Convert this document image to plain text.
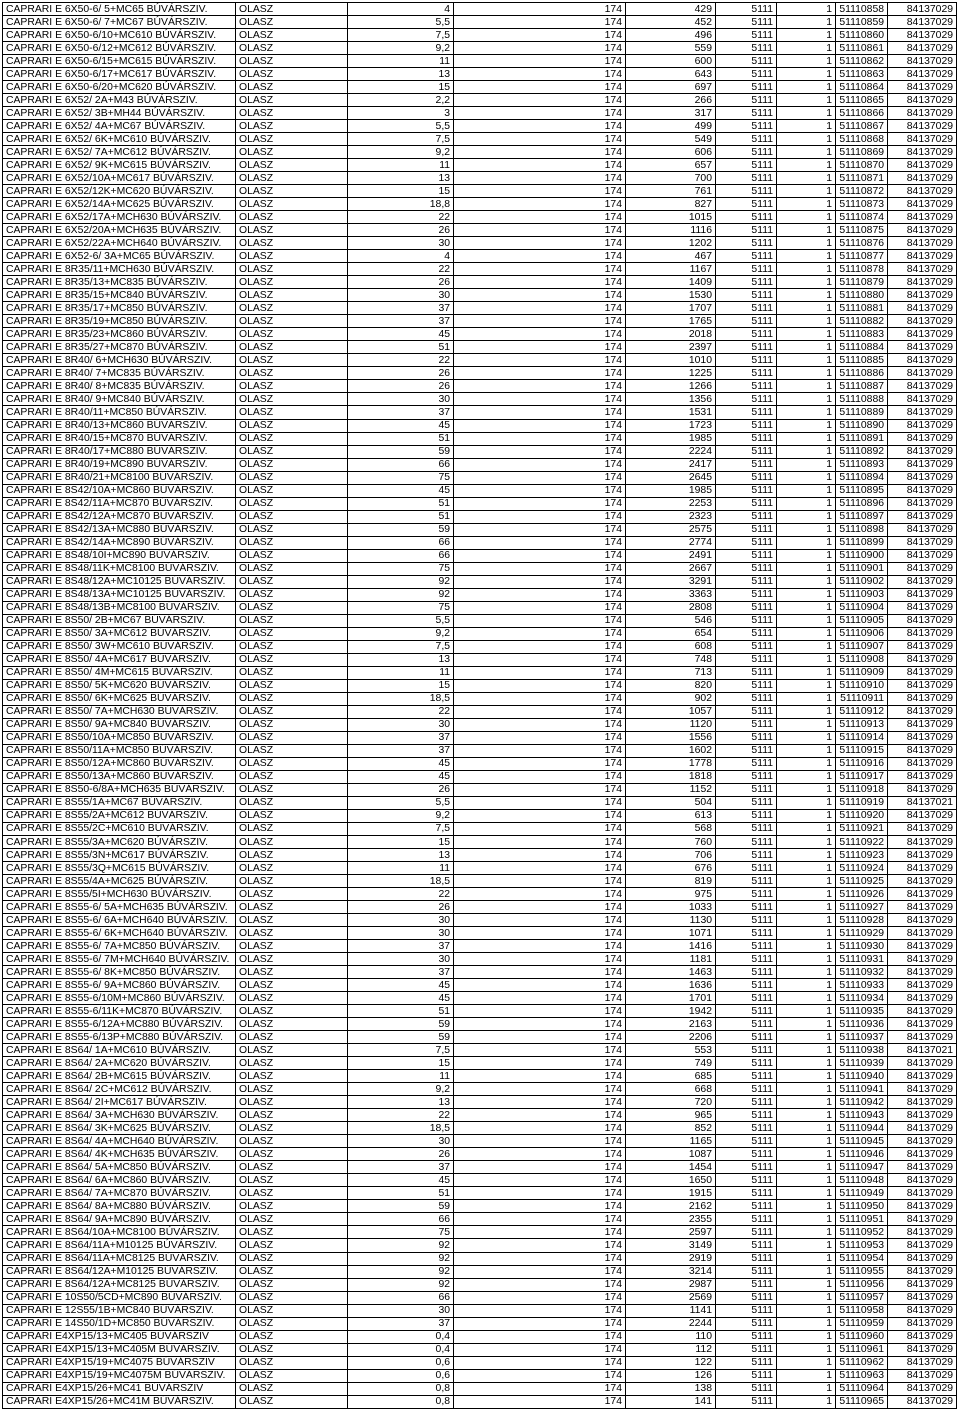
CAPRARI E 6X50-6/ 5+MC65 BÚVÁRSZIV.	OLASZ	4	174	429	5111	1	51110858	84137029
CAPRARI E 6X50-6/ 7+MC67 BÚVÁRSZIV.	OLASZ	5,5	174	452	5111	1	51110859	84137029
CAPRARI E 6X50-6/10+MC610 BÚVÁRSZIV.	OLASZ	7,5	174	496	5111	1	51110860	84137029
CAPRARI E 6X50-6/12+MC612 BÚVÁRSZIV.	OLASZ	9,2	174	559	5111	1	51110861	84137029
CAPRARI E 6X50-6/15+MC615 BÚVÁRSZIV.	OLASZ	11	174	600	5111	1	51110862	84137029
CAPRARI E 6X50-6/17+MC617 BÚVÁRSZIV.	OLASZ	13	174	643	5111	1	51110863	84137029
CAPRARI E 6X50-6/20+MC620 BÚVÁRSZIV.	OLASZ	15	174	697	5111	1	51110864	84137029
CAPRARI E 6X52/ 2A+M43 BÚVÁRSZIV.	OLASZ	2,2	174	266	5111	1	51110865	84137029
CAPRARI E 6X52/ 3B+MH44 BÚVÁRSZIV.	OLASZ	3	174	317	5111	1	51110866	84137029
CAPRARI E 6X52/ 4A+MC67 BÚVÁRSZIV.	OLASZ	5,5	174	499	5111	1	51110867	84137029
CAPRARI E 6X52/ 6K+MC610 BÚVÁRSZIV.	OLASZ	7,5	174	549	5111	1	51110868	84137029
CAPRARI E 6X52/ 7A+MC612 BÚVÁRSZIV.	OLASZ	9,2	174	606	5111	1	51110869	84137029
CAPRARI E 6X52/ 9K+MC615 BÚVÁRSZIV.	OLASZ	11	174	657	5111	1	51110870	84137029
CAPRARI E 6X52/10A+MC617 BÚVÁRSZIV.	OLASZ	13	174	700	5111	1	51110871	84137029
CAPRARI E 6X52/12K+MC620 BÚVÁRSZIV.	OLASZ	15	174	761	5111	1	51110872	84137029
CAPRARI E 6X52/14A+MC625 BÚVÁRSZIV.	OLASZ	18,8	174	827	5111	1	51110873	84137029
CAPRARI E 6X52/17A+MCH630 BÚVÁRSZIV.	OLASZ	22	174	1015	5111	1	51110874	84137029
CAPRARI E 6X52/20A+MCH635 BÚVÁRSZIV.	OLASZ	26	174	1116	5111	1	51110875	84137029
CAPRARI E 6X52/22A+MCH640 BÚVÁRSZIV.	OLASZ	30	174	1202	5111	1	51110876	84137029
CAPRARI E 6X52-6/ 3A+MC65 BÚVÁRSZIV.	OLASZ	4	174	467	5111	1	51110877	84137029
CAPRARI E 8R35/11+MCH630 BÚVÁRSZIV.	OLASZ	22	174	1167	5111	1	51110878	84137029
CAPRARI E 8R35/13+MC835 BÚVÁRSZIV.	OLASZ	26	174	1409	5111	1	51110879	84137029
CAPRARI E 8R35/15+MC840 BÚVÁRSZIV.	OLASZ	30	174	1530	5111	1	51110880	84137029
CAPRARI E 8R35/17+MC850 BÚVÁRSZIV.	OLASZ	37	174	1707	5111	1	51110881	84137029
CAPRARI E 8R35/19+MC850 BÚVÁRSZIV.	OLASZ	37	174	1765	5111	1	51110882	84137029
CAPRARI E 8R35/23+MC860 BÚVÁRSZIV.	OLASZ	45	174	2018	5111	1	51110883	84137029
CAPRARI E 8R35/27+MC870 BÚVÁRSZIV.	OLASZ	51	174	2397	5111	1	51110884	84137029
CAPRARI E 8R40/ 6+MCH630 BÚVÁRSZIV.	OLASZ	22	174	1010	5111	1	51110885	84137029
CAPRARI E 8R40/ 7+MC835 BÚVÁRSZIV.	OLASZ	26	174	1225	5111	1	51110886	84137029
CAPRARI E 8R40/ 8+MC835 BÚVÁRSZIV.	OLASZ	26	174	1266	5111	1	51110887	84137029
CAPRARI E 8R40/ 9+MC840 BÚVÁRSZIV.	OLASZ	30	174	1356	5111	1	51110888	84137029
CAPRARI E 8R40/11+MC850 BÚVÁRSZIV.	OLASZ	37	174	1531	5111	1	51110889	84137029
CAPRARI E 8R40/13+MC860 BÚVÁRSZIV.	OLASZ	45	174	1723	5111	1	51110890	84137029
CAPRARI E 8R40/15+MC870 BÚVÁRSZIV.	OLASZ	51	174	1985	5111	1	51110891	84137029
CAPRARI E 8R40/17+MC880 BÚVÁRSZIV.	OLASZ	59	174	2224	5111	1	51110892	84137029
CAPRARI E 8R40/19+MC890 BÚVÁRSZIV.	OLASZ	66	174	2417	5111	1	51110893	84137029
CAPRARI E 8R40/21+MC8100 BÚVÁRSZIV.	OLASZ	75	174	2645	5111	1	51110894	84137029
CAPRARI E 8S42/10A+MC860 BÚVÁRSZIV.	OLASZ	45	174	1985	5111	1	51110895	84137029
CAPRARI E 8S42/11A+MC870 BÚVÁRSZIV.	OLASZ	51	174	2253	5111	1	51110896	84137029
CAPRARI E 8S42/12A+MC870 BÚVÁRSZIV.	OLASZ	51	174	2323	5111	1	51110897	84137029
CAPRARI E 8S42/13A+MC880 BÚVÁRSZIV.	OLASZ	59	174	2575	5111	1	51110898	84137029
CAPRARI E 8S42/14A+MC890 BÚVÁRSZIV.	OLASZ	66	174	2774	5111	1	51110899	84137029
CAPRARI E 8S48/10I+MC890 BÚVÁRSZIV.	OLASZ	66	174	2491	5111	1	51110900	84137029
CAPRARI E 8S48/11K+MC8100 BÚVÁRSZIV.	OLASZ	75	174	2667	5111	1	51110901	84137029
CAPRARI E 8S48/12A+MC10125 BÚVÁRSZIV.	OLASZ	92	174	3291	5111	1	51110902	84137029
CAPRARI E 8S48/13A+MC10125 BÚVÁRSZIV.	OLASZ	92	174	3363	5111	1	51110903	84137029
CAPRARI E 8S48/13B+MC8100 BÚVÁRSZIV.	OLASZ	75	174	2808	5111	1	51110904	84137029
CAPRARI E 8S50/ 2B+MC67 BÚVÁRSZIV.	OLASZ	5,5	174	546	5111	1	51110905	84137029
CAPRARI E 8S50/ 3A+MC612 BÚVÁRSZIV.	OLASZ	9,2	174	654	5111	1	51110906	84137029
CAPRARI E 8S50/ 3W+MC610 BÚVÁRSZIV.	OLASZ	7,5	174	608	5111	1	51110907	84137029
CAPRARI E 8S50/ 4A+MC617 BÚVÁRSZIV.	OLASZ	13	174	748	5111	1	51110908	84137029
CAPRARI E 8S50/ 4M+MC615 BÚVÁRSZIV.	OLASZ	11	174	713	5111	1	51110909	84137029
CAPRARI E 8S50/ 5K+MC620 BÚVÁRSZIV.	OLASZ	15	174	820	5111	1	51110910	84137029
CAPRARI E 8S50/ 6K+MC625 BÚVÁRSZIV.	OLASZ	18,5	174	902	5111	1	51110911	84137029
CAPRARI E 8S50/ 7A+MCH630 BÚVÁRSZIV.	OLASZ	22	174	1057	5111	1	51110912	84137029
CAPRARI E 8S50/ 9A+MC840 BÚVÁRSZIV.	OLASZ	30	174	1120	5111	1	51110913	84137029
CAPRARI E 8S50/10A+MC850 BÚVÁRSZIV.	OLASZ	37	174	1556	5111	1	51110914	84137029
CAPRARI E 8S50/11A+MC850 BÚVÁRSZIV.	OLASZ	37	174	1602	5111	1	51110915	84137029
CAPRARI E 8S50/12A+MC860 BÚVÁRSZIV.	OLASZ	45	174	1778	5111	1	51110916	84137029
CAPRARI E 8S50/13A+MC860 BÚVÁRSZIV.	OLASZ	45	174	1818	5111	1	51110917	84137029
CAPRARI E 8S50-6/8A+MCH635 BÚVÁRSZIV.	OLASZ	26	174	1152	5111	1	51110918	84137029
CAPRARI E 8S55/1A+MC67 BÚVÁRSZIV.	OLASZ	5,5	174	504	5111	1	51110919	84137021
CAPRARI E 8S55/2A+MC612 BÚVÁRSZIV.	OLASZ	9,2	174	613	5111	1	51110920	84137029
CAPRARI E 8S55/2C+MC610 BÚVÁRSZIV.	OLASZ	7,5	174	568	5111	1	51110921	84137029
CAPRARI E 8S55/3A+MC620 BÚVÁRSZIV.	OLASZ	15	174	760	5111	1	51110922	84137029
CAPRARI E 8S55/3N+MC617 BÚVÁRSZIV.	OLASZ	13	174	706	5111	1	51110923	84137029
CAPRARI E 8S55/3Q+MC615 BÚVÁRSZIV.	OLASZ	11	174	676	5111	1	51110924	84137029
CAPRARI E 8S55/4A+MC625 BÚVÁRSZIV.	OLASZ	18,5	174	819	5111	1	51110925	84137029
CAPRARI E 8S55/5I+MCH630 BÚVÁRSZIV.	OLASZ	22	174	975	5111	1	51110926	84137029
CAPRARI E 8S55-6/ 5A+MCH635 BÚVÁRSZIV.	OLASZ	26	174	1033	5111	1	51110927	84137029
CAPRARI E 8S55-6/ 6A+MCH640 BÚVÁRSZIV.	OLASZ	30	174	1130	5111	1	51110928	84137029
CAPRARI E 8S55-6/ 6K+MCH640 BÚVÁRSZIV.	OLASZ	30	174	1071	5111	1	51110929	84137029
CAPRARI E 8S55-6/ 7A+MC850 BÚVÁRSZIV.	OLASZ	37	174	1416	5111	1	51110930	84137029
CAPRARI E 8S55-6/ 7M+MCH640 BÚVÁRSZIV.	OLASZ	30	174	1181	5111	1	51110931	84137029
CAPRARI E 8S55-6/ 8K+MC850 BÚVÁRSZIV.	OLASZ	37	174	1463	5111	1	51110932	84137029
CAPRARI E 8S55-6/ 9A+MC860 BÚVÁRSZIV.	OLASZ	45	174	1636	5111	1	51110933	84137029
CAPRARI E 8S55-6/10M+MC860 BÚVÁRSZIV.	OLASZ	45	174	1701	5111	1	51110934	84137029
CAPRARI E 8S55-6/11K+MC870 BÚVÁRSZIV.	OLASZ	51	174	1942	5111	1	51110935	84137029
CAPRARI E 8S55-6/12A+MC880 BÚVÁRSZIV.	OLASZ	59	174	2163	5111	1	51110936	84137029
CAPRARI E 8S55-6/13P+MC880 BÚVÁRSZIV.	OLASZ	59	174	2206	5111	1	51110937	84137029
CAPRARI E 8S64/ 1A+MC610 BÚVÁRSZIV.	OLASZ	7,5	174	553	5111	1	51110938	84137021
CAPRARI E 8S64/ 2A+MC620 BÚVÁRSZIV.	OLASZ	15	174	749	5111	1	51110939	84137029
CAPRARI E 8S64/ 2B+MC615 BÚVÁRSZIV.	OLASZ	11	174	685	5111	1	51110940	84137029
CAPRARI E 8S64/ 2C+MC612 BÚVÁRSZIV.	OLASZ	9,2	174	668	5111	1	51110941	84137029
CAPRARI E 8S64/ 2I+MC617 BÚVÁRSZIV.	OLASZ	13	174	720	5111	1	51110942	84137029
CAPRARI E 8S64/ 3A+MCH630 BÚVÁRSZIV.	OLASZ	22	174	965	5111	1	51110943	84137029
CAPRARI E 8S64/ 3K+MC625 BÚVÁRSZIV.	OLASZ	18,5	174	852	5111	1	51110944	84137029
CAPRARI E 8S64/ 4A+MCH640 BÚVÁRSZIV.	OLASZ	30	174	1165	5111	1	51110945	84137029
CAPRARI E 8S64/ 4K+MCH635 BÚVÁRSZIV.	OLASZ	26	174	1087	5111	1	51110946	84137029
CAPRARI E 8S64/ 5A+MC850 BÚVÁRSZIV.	OLASZ	37	174	1454	5111	1	51110947	84137029
CAPRARI E 8S64/ 6A+MC860 BÚVÁRSZIV.	OLASZ	45	174	1650	5111	1	51110948	84137029
CAPRARI E 8S64/ 7A+MC870 BÚVÁRSZIV.	OLASZ	51	174	1915	5111	1	51110949	84137029
CAPRARI E 8S64/ 8A+MC880 BÚVÁRSZIV.	OLASZ	59	174	2162	5111	1	51110950	84137029
CAPRARI E 8S64/ 9A+MC890 BÚVÁRSZIV.	OLASZ	66	174	2355	5111	1	51110951	84137029
CAPRARI E 8S64/10A+MC8100 BÚVÁRSZIV.	OLASZ	75	174	2597	5111	1	51110952	84137029
CAPRARI E 8S64/11A+M10125 BÚVÁRSZIV.	OLASZ	92	174	3149	5111	1	51110953	84137029
CAPRARI E 8S64/11A+MC8125 BÚVÁRSZIV.	OLASZ	92	174	2919	5111	1	51110954	84137029
CAPRARI E 8S64/12A+M10125 BÚVÁRSZIV.	OLASZ	92	174	3214	5111	1	51110955	84137029
CAPRARI E 8S64/12A+MC8125 BÚVÁRSZIV.	OLASZ	92	174	2987	5111	1	51110956	84137029
CAPRARI E 10S50/5CD+MC890 BÚVÁRSZIV.	OLASZ	66	174	2569	5111	1	51110957	84137029
CAPRARI E 12S55/1B+MC840 BÚVÁRSZIV.	OLASZ	30	174	1141	5111	1	51110958	84137029
CAPRARI E 14S50/1D+MC850 BÚVÁRSZIV.	OLASZ	37	174	2244	5111	1	51110959	84137029
CAPRARI E4XP15/13+MC405 BÚVÁRSZIV	OLASZ	0,4	174	110	5111	1	51110960	84137029
CAPRARI E4XP15/13+MC405M BÚVÁRSZIV.	OLASZ	0,4	174	112	5111	1	51110961	84137029
CAPRARI E4XP15/19+MC4075 BÚVÁRSZIV	OLASZ	0,6	174	122	5111	1	51110962	84137029
CAPRARI E4XP15/19+MC4075M BÚVÁRSZIV.	OLASZ	0,6	174	126	5111	1	51110963	84137029
CAPRARI E4XP15/26+MC41 BÚVÁRSZIV	OLASZ	0,8	174	138	5111	1	51110964	84137029
CAPRARI E4XP15/26+MC41M BÚVÁRSZIV.	OLASZ	0,8	174	141	5111	1	51110965	84137029
